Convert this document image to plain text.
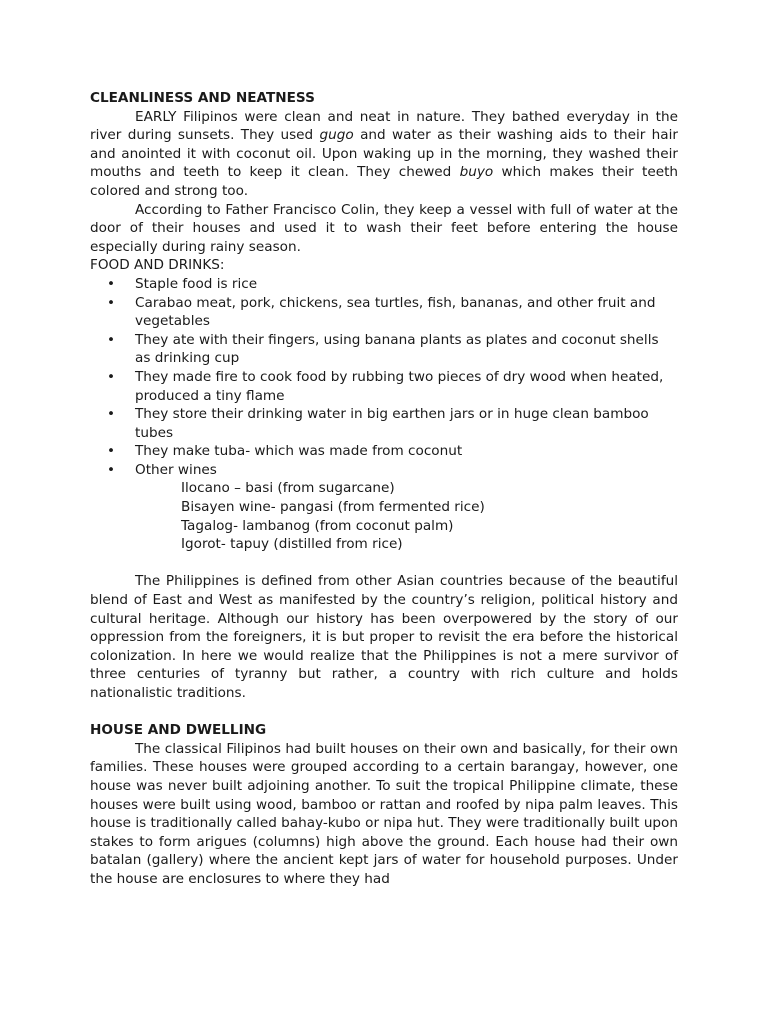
CLEANLINESS AND NEATNESS

EARLY Filipinos were clean and neat in nature. They bathed everyday in the river during sunsets. They used gugo and water as their washing aids to their hair and anointed it with coconut oil. Upon waking up in the morning, they washed their mouths and teeth to keep it clean. They chewed buyo which makes their teeth colored and strong too.

According to Father Francisco Colin, they keep a vessel with full of water at the door of their houses and used it to wash their feet before entering the house especially during rainy season.

FOOD AND DRINKS:
• Staple food is rice
• Carabao meat, pork, chickens, sea turtles, fish, bananas, and other fruit and vegetables
• They ate with their fingers, using banana plants as plates and coconut shells as drinking cup
• They made fire to cook food by rubbing two pieces of dry wood when heated, produced a tiny flame
• They store their drinking water in big earthen jars or in huge clean bamboo tubes
• They make tuba- which was made from coconut
• Other wines
Ilocano – basi (from sugarcane)
Bisayen wine- pangasi (from fermented rice)
Tagalog- lambanog (from coconut palm)
Igorot- tapuy (distilled from rice)

The Philippines is defined from other Asian countries because of the beautiful blend of East and West as manifested by the country’s religion, political history and cultural heritage. Although our history has been overpowered by the story of our oppression from the foreigners, it is but proper to revisit the era before the historical colonization. In here we would realize that the Philippines is not a mere survivor of three centuries of tyranny but rather, a country with rich culture and holds nationalistic traditions.

HOUSE AND DWELLING

The classical Filipinos had built houses on their own and basically, for their own families. These houses were grouped according to a certain barangay, however, one house was never built adjoining another. To suit the tropical Philippine climate, these houses were built using wood, bamboo or rattan and roofed by nipa palm leaves. This house is traditionally called bahay-kubo or nipa hut. They were traditionally built upon stakes to form arigues (columns) high above the ground. Each house had their own batalan (gallery) where the ancient kept jars of water for household purposes. Under the house are enclosures to where they had
